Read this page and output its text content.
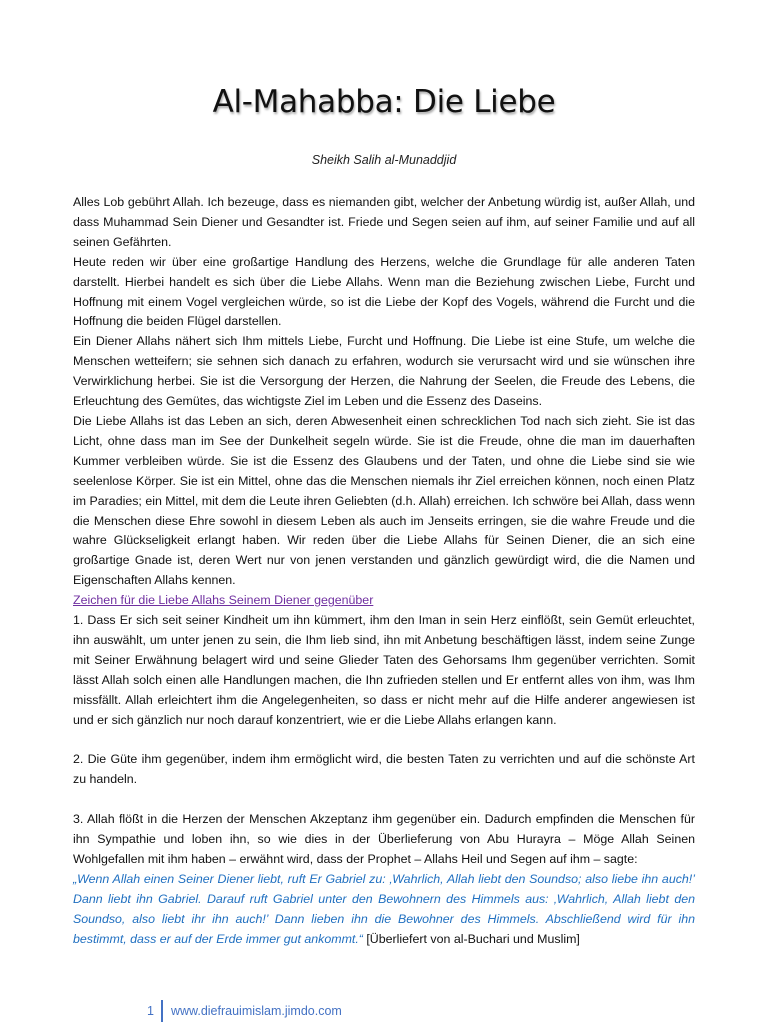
Al-Mahabba: Die Liebe
Sheikh Salih al-Munaddjid

Alles Lob gebührt Allah. Ich bezeuge, dass es niemanden gibt, welcher der Anbetung würdig ist, außer Allah, und dass Muhammad Sein Diener und Gesandter ist. Friede und Segen seien auf ihm, auf seiner Familie und auf all seinen Gefährten.

Heute reden wir über eine großartige Handlung des Herzens, welche die Grundlage für alle anderen Taten darstellt. Hierbei handelt es sich über die Liebe Allahs. Wenn man die Beziehung zwischen Liebe, Furcht und Hoffnung mit einem Vogel vergleichen würde, so ist die Liebe der Kopf des Vogels, während die Furcht und die Hoffnung die beiden Flügel darstellen.

Ein Diener Allahs nähert sich Ihm mittels Liebe, Furcht und Hoffnung. Die Liebe ist eine Stufe, um welche die Menschen wetteifern; sie sehnen sich danach zu erfahren, wodurch sie verursacht wird und sie wünschen ihre Verwirklichung herbei. Sie ist die Versorgung der Herzen, die Nahrung der Seelen, die Freude des Lebens, die Erleuchtung des Gemütes, das wichtigste Ziel im Leben und die Essenz des Daseins.

Die Liebe Allahs ist das Leben an sich, deren Abwesenheit einen schrecklichen Tod nach sich zieht. Sie ist das Licht, ohne dass man im See der Dunkelheit segeln würde. Sie ist die Freude, ohne die man im dauerhaften Kummer verbleiben würde. Sie ist die Essenz des Glaubens und der Taten, und ohne die Liebe sind sie wie seelenlose Körper. Sie ist ein Mittel, ohne das die Menschen niemals ihr Ziel erreichen können, noch einen Platz im Paradies; ein Mittel, mit dem die Leute ihren Geliebten (d.h. Allah) erreichen. Ich schwöre bei Allah, dass wenn die Menschen diese Ehre sowohl in diesem Leben als auch im Jenseits erringen, sie die wahre Freude und die wahre Glückseligkeit erlangt haben. Wir reden über die Liebe Allahs für Seinen Diener, die an sich eine großartige Gnade ist, deren Wert nur von jenen verstanden und gänzlich gewürdigt wird, die die Namen und Eigenschaften Allahs kennen.

Zeichen für die Liebe Allahs Seinem Diener gegenüber

1. Dass Er sich seit seiner Kindheit um ihn kümmert, ihm den Iman in sein Herz einflößt, sein Gemüt erleuchtet, ihn auswählt, um unter jenen zu sein, die Ihm lieb sind, ihn mit Anbetung beschäftigen lässt, indem seine Zunge mit Seiner Erwähnung belagert wird und seine Glieder Taten des Gehorsams Ihm gegenüber verrichten. Somit lässt Allah solch einen alle Handlungen machen, die Ihn zufrieden stellen und Er entfernt alles von ihm, was Ihm missfällt. Allah erleichtert ihm die Angelegenheiten, so dass er nicht mehr auf die Hilfe anderer angewiesen ist und er sich gänzlich nur noch darauf konzentriert, wie er die Liebe Allahs erlangen kann.

2. Die Güte ihm gegenüber, indem ihm ermöglicht wird, die besten Taten zu verrichten und auf die schönste Art zu handeln.

3. Allah flößt in die Herzen der Menschen Akzeptanz ihm gegenüber ein. Dadurch empfinden die Menschen für ihn Sympathie und loben ihn, so wie dies in der Überlieferung von Abu Hurayra – Möge Allah Seinen Wohlgefallen mit ihm haben – erwähnt wird, dass der Prophet – Allahs Heil und Segen auf ihm – sagte:
„Wenn Allah einen Seiner Diener liebt, ruft Er Gabriel zu: ‚Wahrlich, Allah liebt den Soundso; also liebe ihn auch!’ Dann liebt ihn Gabriel. Darauf ruft Gabriel unter den Bewohnern des Himmels aus: ‚Wahrlich, Allah liebt den Soundso, also liebt ihr ihn auch!’ Dann lieben ihn die Bewohner des Himmels. Abschließend wird für ihn bestimmt, dass er auf der Erde immer gut ankommt.“ [Überliefert von al-Buchari und Muslim]

1 www.diefrauimislam.jimdo.com
